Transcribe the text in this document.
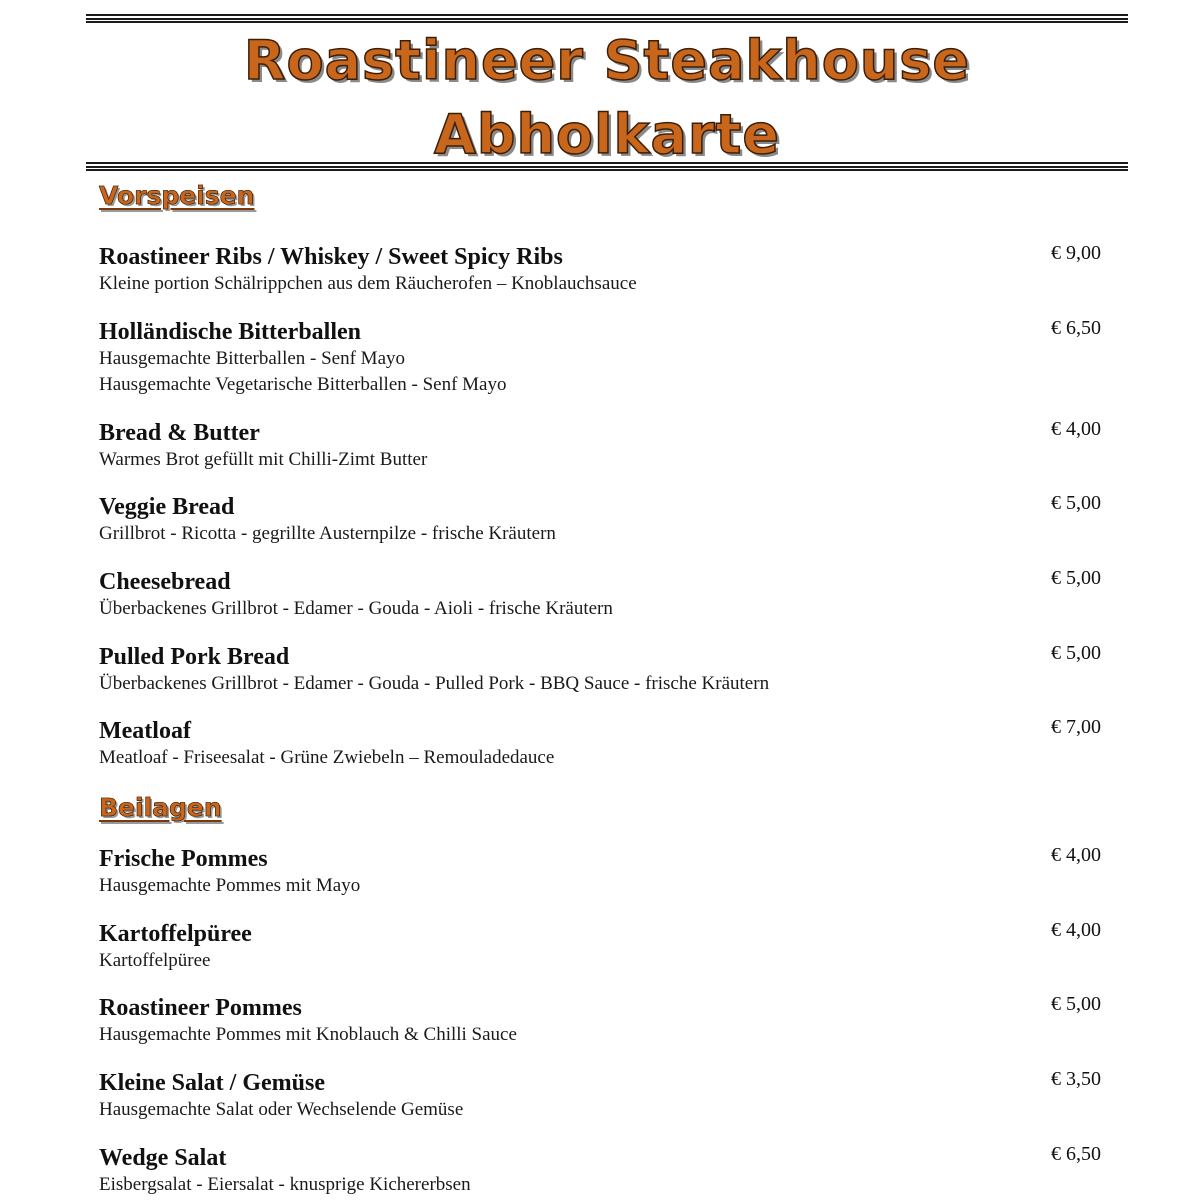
Roastineer Steakhouse
Abholkarte
Vorspeisen
Roastineer Ribs / Whiskey / Sweet Spicy Ribs
Kleine portion Schälrippchen aus dem Räucherofen – Knoblauchsauce
€ 9,00
Holländische Bitterballen
Hausgemachte Bitterballen - Senf Mayo
Hausgemachte Vegetarische Bitterballen - Senf Mayo
€ 6,50
Bread & Butter
Warmes Brot gefüllt mit Chilli-Zimt Butter
€ 4,00
Veggie Bread
Grillbrot - Ricotta - gegrillte Austernpilze - frische Kräutern
€ 5,00
Cheesebread
Überbackenes Grillbrot - Edamer - Gouda - Aioli - frische Kräutern
€ 5,00
Pulled Pork Bread
Überbackenes Grillbrot - Edamer - Gouda - Pulled Pork - BBQ Sauce - frische Kräutern
€ 5,00
Meatloaf
Meatloaf - Friseesalat - Grüne Zwiebeln – Remouladedauce
€ 7,00
Beilagen
Frische Pommes
Hausgemachte Pommes mit Mayo
€ 4,00
Kartoffelpüree
Kartoffelpüree
€ 4,00
Roastineer Pommes
Hausgemachte Pommes mit Knoblauch & Chilli Sauce
€ 5,00
Kleine Salat / Gemüse
Hausgemachte Salat oder Wechselende Gemüse
€ 3,50
Wedge Salat
Eisbergsalat - Eiersalat - knusprige Kichererbsen
€ 6,50
